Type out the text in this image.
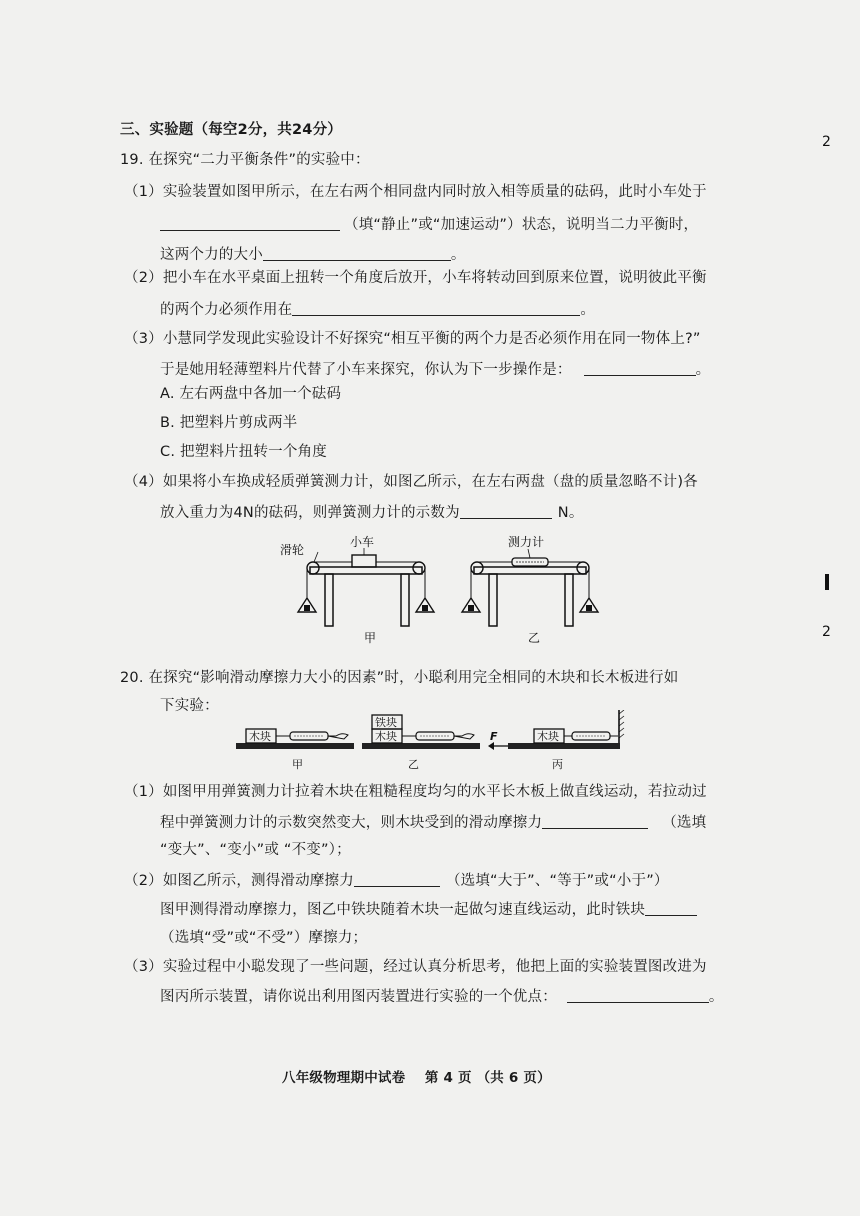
2
2
三、实验题（每空2分，共24分）
19. 在探究“二力平衡条件”的实验中：
（1）实验装置如图甲所示，在左右两个相同盘内同时放入相等质量的砝码，此时小车处于
（填“静止”或“加速运动”）状态，说明当二力平衡时，
这两个力的大小	。
（2）把小车在水平桌面上扭转一个角度后放开，小车将转动回到原来位置，说明彼此平衡
的两个力必须作用在	。
（3）小慧同学发现此实验设计不好探究“相互平衡的两个力是否必须作用在同一物体上?”
于是她用轻薄塑料片代替了小车来探究，你认为下一步操作是：	。
A. 左右两盘中各加一个砝码
B. 把塑料片剪成两半
C. 把塑料片扭转一个角度
（4）如果将小车换成轻质弹簧测力计，如图乙所示，在左右两盘（盘的质量忽略不计)各
放入重力为4N的砝码，则弹簧测力计的示数为	N。
滑轮
小车
甲
测力计
乙
20. 在探究“影响滑动摩擦力大小的因素”时，小聪利用完全相同的木块和长木板进行如
下实验：
木块
甲
铁块
木块
乙
F	木块
丙
（1）如图甲用弹簧测力计拉着木块在粗糙程度均匀的水平长木板上做直线运动，若拉动过
程中弹簧测力计的示数突然变大，则木块受到的滑动摩擦力	（选填
“变大”、“变小”或 “不变”）；
（2）如图乙所示，测得滑动摩擦力	（选填“大于”、“等于”或“小于”）
图甲测得滑动摩擦力，图乙中铁块随着木块一起做匀速直线运动，此时铁块
（选填“受”或“不受”）摩擦力；
（3）实验过程中小聪发现了一些问题，经过认真分析思考，他把上面的实验装置图改进为
图丙所示装置，请你说出利用图丙装置进行实验的一个优点：	。
八年级物理期中试卷    第 4 页 （共 6 页）
